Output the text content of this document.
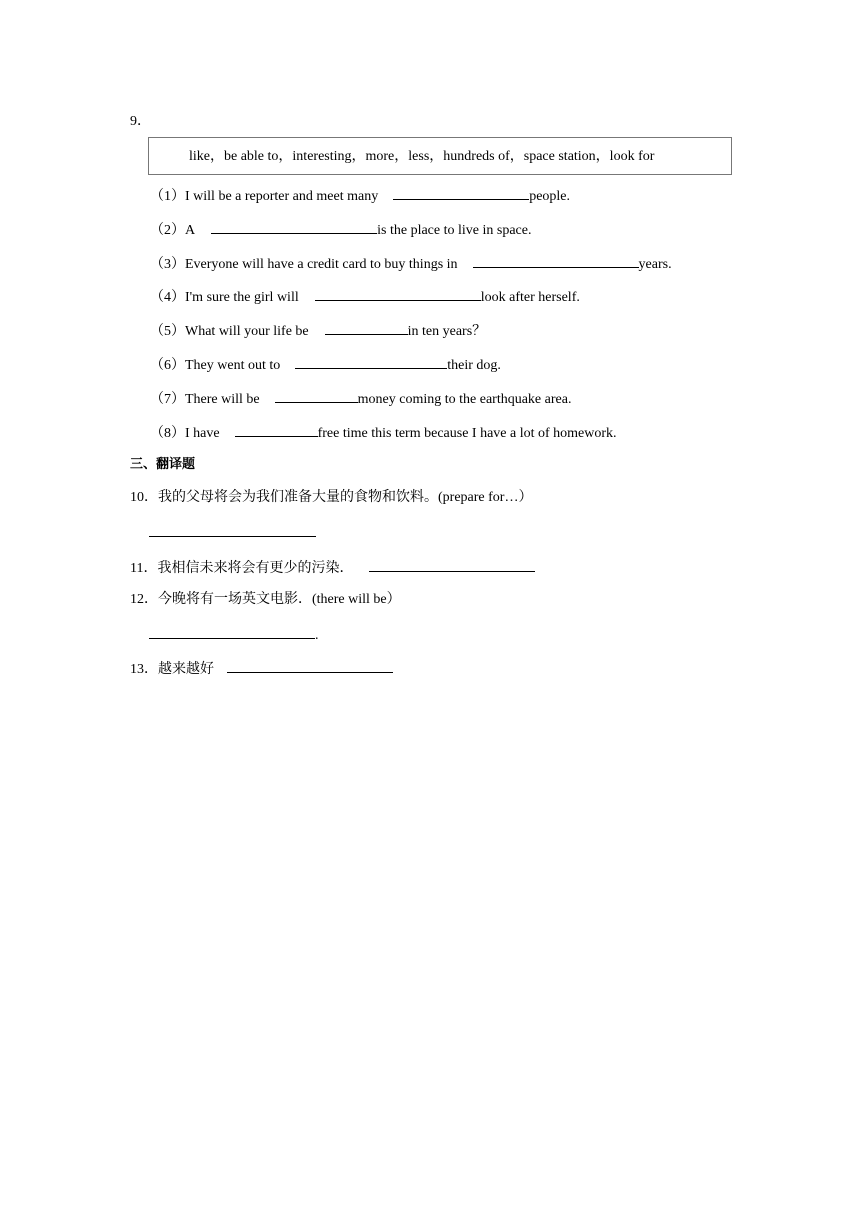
9．
like，be able to，interesting，more，less，hundreds of，space station，look for
（1）I will be a reporter and meet many	people.
（2）A	is the place to live in space.
（3）Everyone will have a credit card to buy things in	years.
（4）I'm sure the girl will	look after herself.
（5）What will your life be	in ten years？
（6）They went out to	their dog.
（7）There will be	money coming to the earthquake area.
（8）I have	free time this term because I have a lot of homework.
三、翻译题
10．我的父母将会为我们准备大量的食物和饮料。(prepare for…）
11．我相信未来将会有更少的污染．
12．今晚将有一场英文电影．(there will be）
.
13．越来越好
